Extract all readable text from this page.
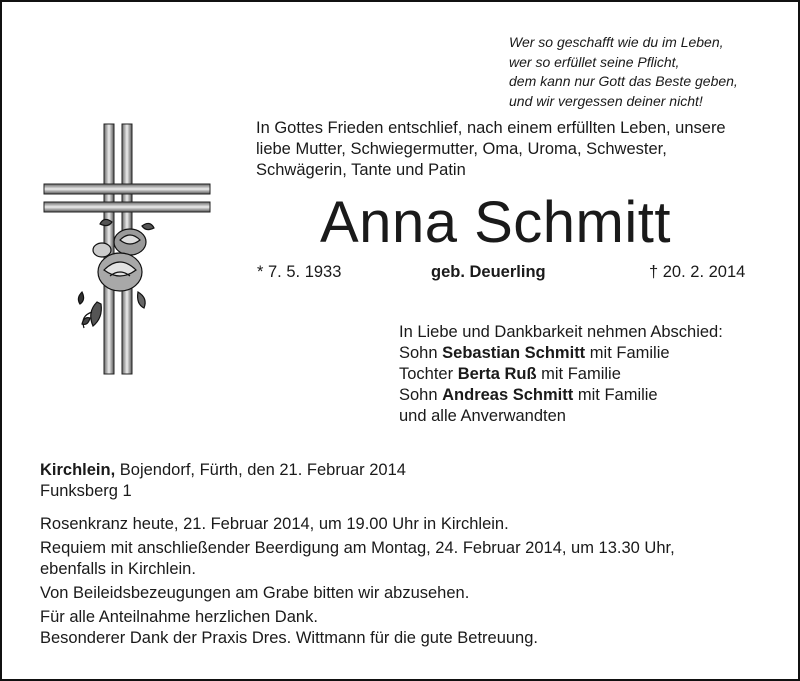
Wer so geschafft wie du im Leben,
wer so erfüllet seine Pflicht,
dem kann nur Gott das Beste geben,
und wir vergessen deiner nicht!
In Gottes Frieden entschlief, nach einem erfüllten Leben, unsere
liebe Mutter, Schwiegermutter, Oma, Uroma, Schwester,
Schwägerin, Tante und Patin
Anna Schmitt
* 7. 5. 1933	geb. Deuerling	† 20. 2. 2014
In Liebe und Dankbarkeit nehmen Abschied:
Sohn Sebastian Schmitt mit Familie
Tochter Berta Ruß mit Familie
Sohn Andreas Schmitt mit Familie
und alle Anverwandten
Kirchlein, Bojendorf, Fürth, den 21. Februar 2014
Funksberg 1
Rosenkranz heute, 21. Februar 2014, um 19.00 Uhr in Kirchlein.
Requiem mit anschließender Beerdigung am Montag, 24. Februar 2014, um 13.30 Uhr,
ebenfalls in Kirchlein.
Von Beileidsbezeugungen am Grabe bitten wir abzusehen.
Für alle Anteilnahme herzlichen Dank.
Besonderer Dank der Praxis Dres. Wittmann für die gute Betreuung.
